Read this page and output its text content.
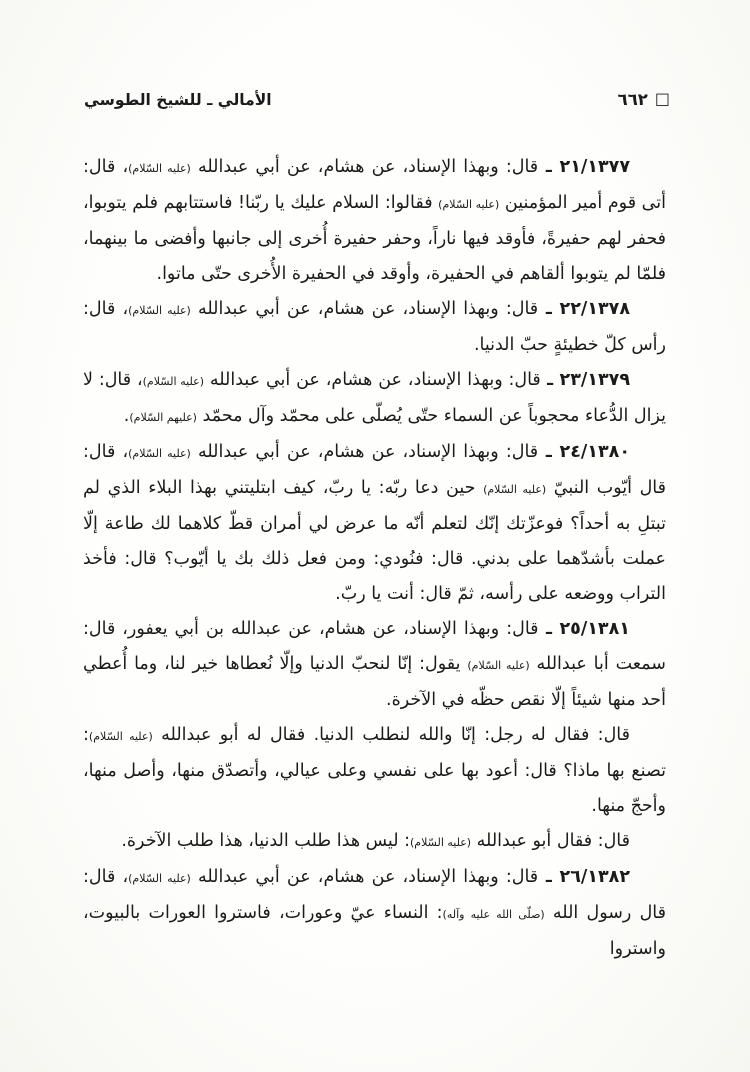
الأمالي ـ للشيخ الطوسي	٦٦٢ □

٢١/١٣٧٧ ـ قال: وبهذا الإسناد، عن هشام، عن أبي عبدالله (عليه السّلام)، قال: أتى قوم أمير المؤمنين (عليه السّلام) فقالوا: السلام عليك يا ربّنا! فاستتابهم فلم يتوبوا، فحفر لهم حفيرةً، فأوقد فيها ناراً، وحفر حفيرة أُخرى إلى جانبها وأفضى ما بينهما، فلمّا لم يتوبوا ألقاهم في الحفيرة، وأوقد في الحفيرة الأُخرى حتّى ماتوا.

٢٢/١٣٧٨ ـ قال: وبهذا الإسناد، عن هشام، عن أبي عبدالله (عليه السّلام)، قال: رأس كلّ خطيئةٍ حبّ الدنيا.

٢٣/١٣٧٩ ـ قال: وبهذا الإسناد، عن هشام، عن أبي عبدالله (عليه السّلام)، قال: لا يزال الدُّعاء محجوباً عن السماء حتّى يُصلّى على محمّد وآل محمّد (عليهم السّلام).

٢٤/١٣٨٠ ـ قال: وبهذا الإسناد، عن هشام، عن أبي عبدالله (عليه السّلام)، قال: قال أيّوب النبيّ (عليه السّلام) حين دعا ربّه: يا ربّ، كيف ابتليتني بهذا البلاء الذي لم تبتلِ به أحداً؟ فوعزّتك إنّك لتعلم أنّه ما عرض لي أمران قطّ كلاهما لك طاعة إلّا عملت بأشدّهما على بدني. قال: فنُودي: ومن فعل ذلك بك يا أيّوب؟ قال: فأخذ التراب ووضعه على رأسه، ثمّ قال: أنت يا ربّ.

٢٥/١٣٨١ ـ قال: وبهذا الإسناد، عن هشام، عن عبدالله بن أبي يعفور، قال: سمعت أبا عبدالله (عليه السّلام) يقول: إنّا لنحبّ الدنيا وإلّا نُعطاها خير لنا، وما أُعطي أحد منها شيئاً إلّا نقص حظّه في الآخرة.

قال: فقال له رجل: إنّا والله لنطلب الدنيا. فقال له أبو عبدالله (عليه السّلام): تصنع بها ماذا؟ قال: أعود بها على نفسي وعلى عيالي، وأتصدّق منها، وأصل منها، وأحجّ منها.

قال: فقال أبو عبدالله (عليه السّلام): ليس هذا طلب الدنيا، هذا طلب الآخرة.

٢٦/١٣٨٢ ـ قال: وبهذا الإسناد، عن هشام، عن أبي عبدالله (عليه السّلام)، قال: قال رسول الله (صلّى الله عليه وآله): النساء عيّ وعورات، فاستروا العورات بالبيوت، واستروا
